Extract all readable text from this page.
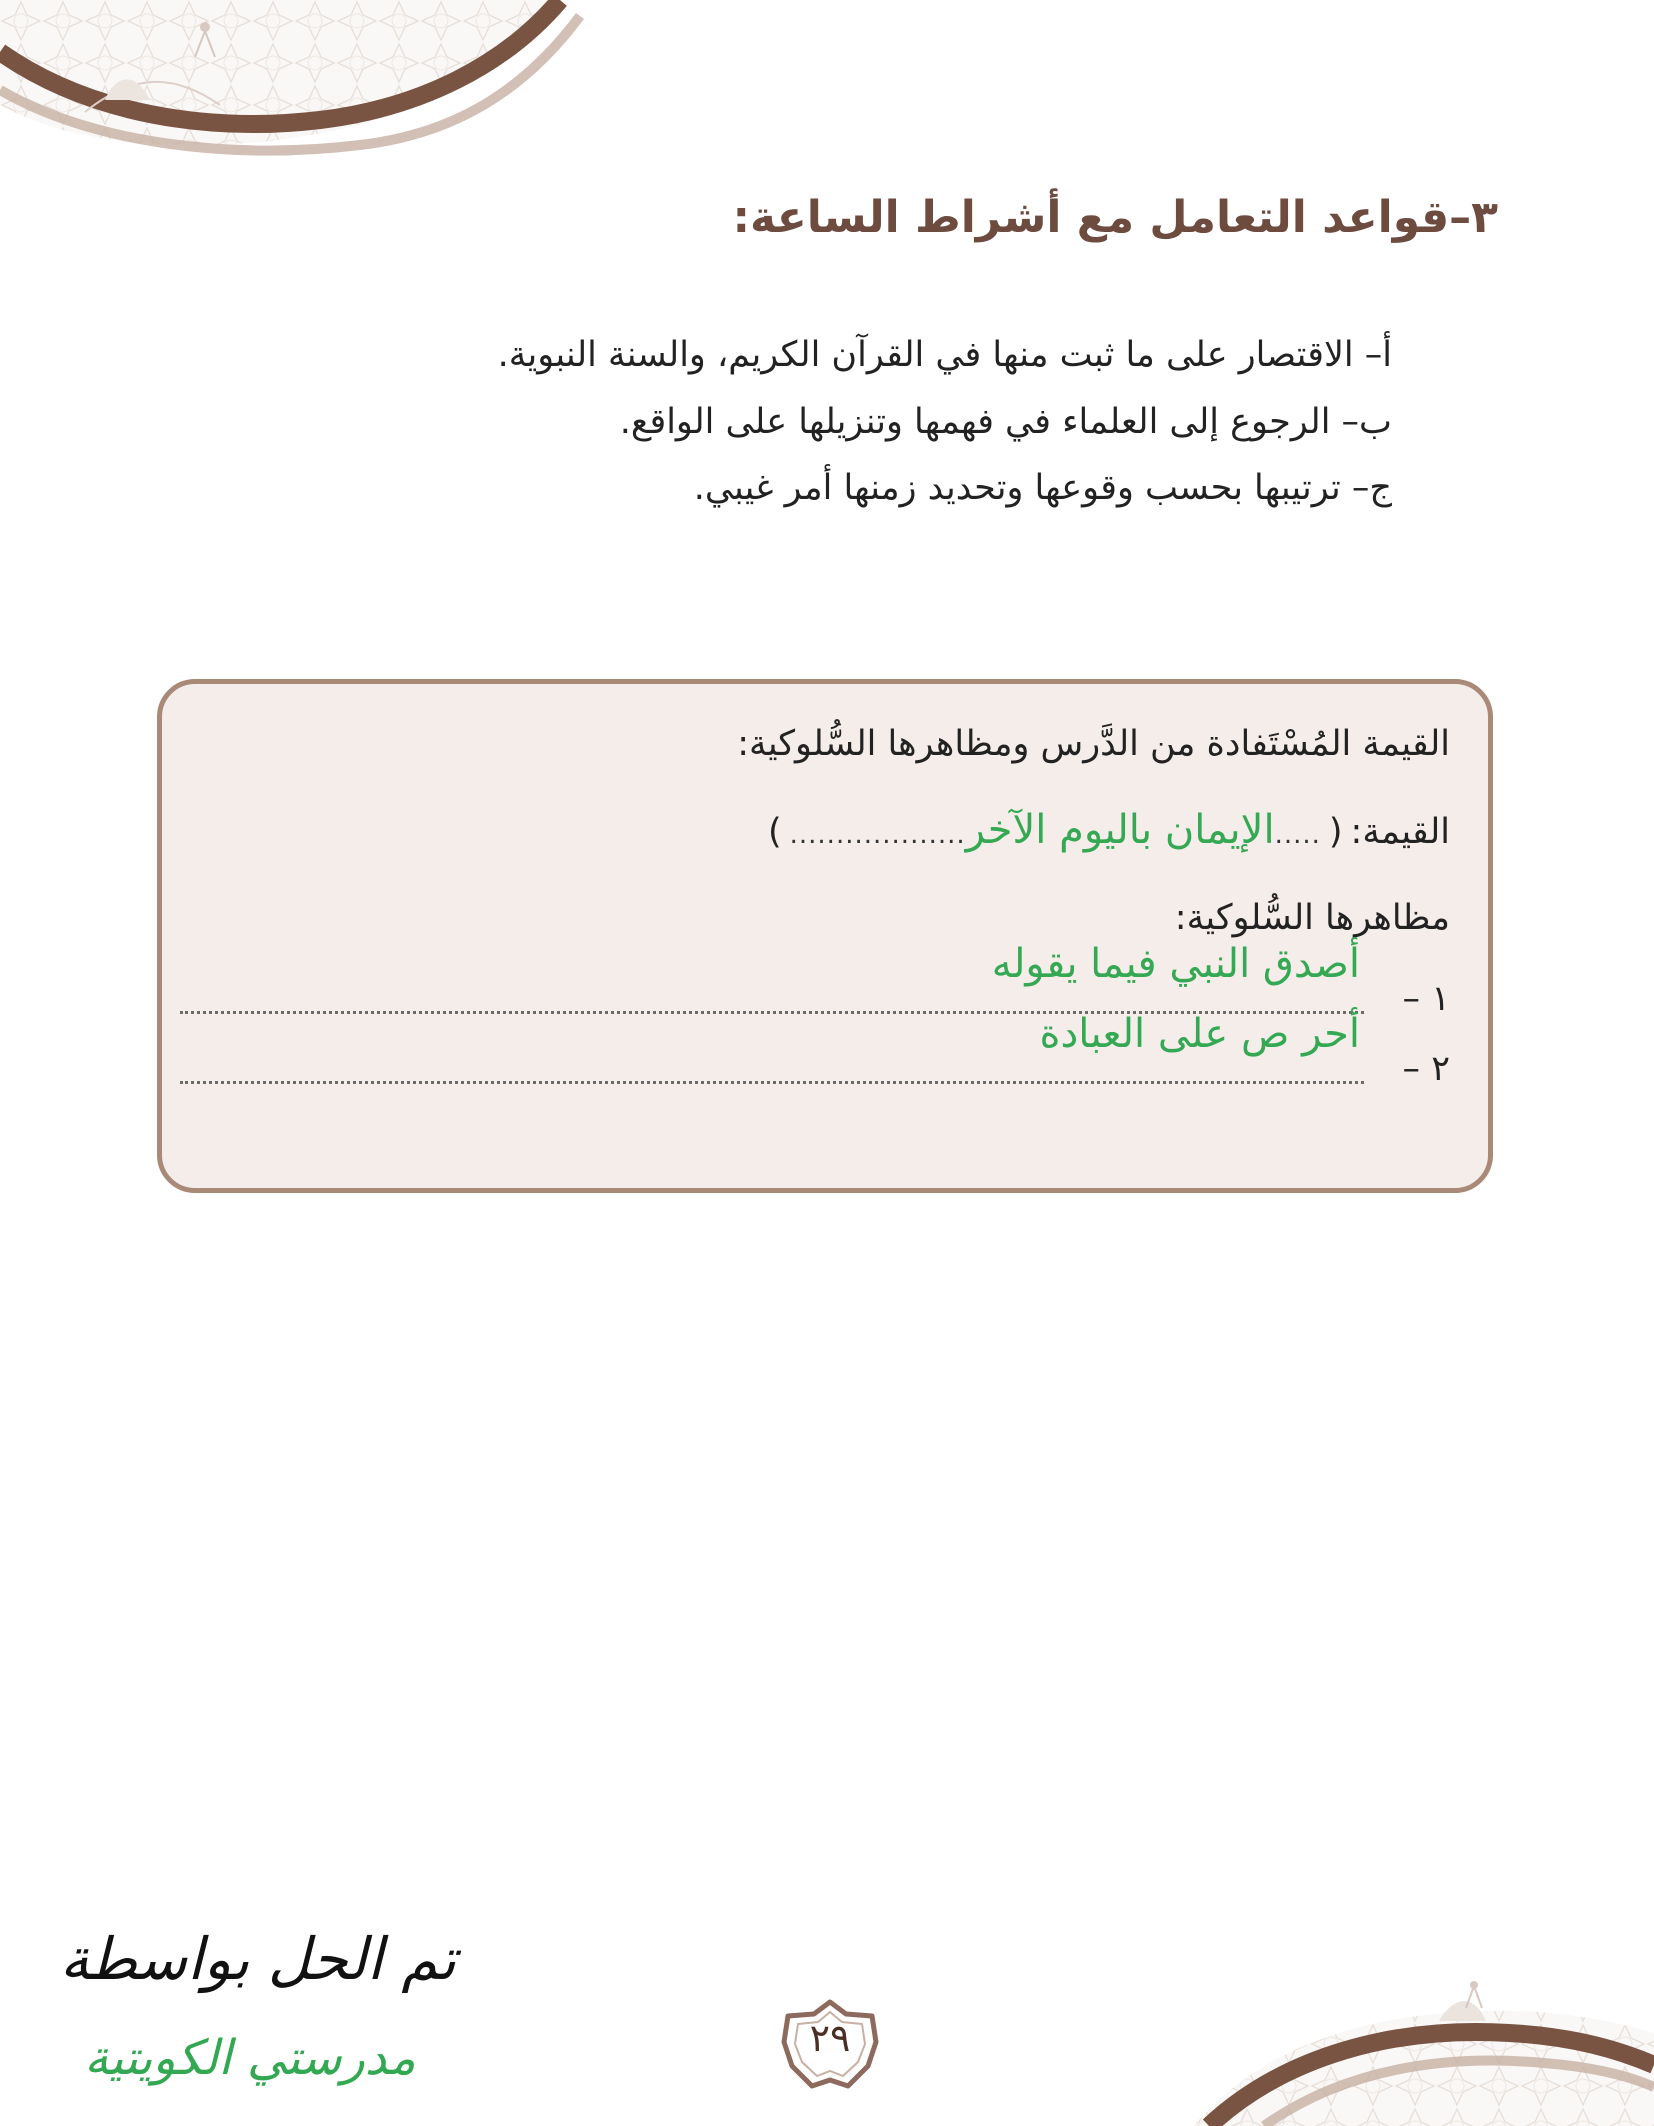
٣–قواعد التعامل مع أشراط الساعة:
أ– الاقتصار على ما ثبت منها في القرآن الكريم، والسنة النبوية.
ب– الرجوع إلى العلماء في فهمها وتنزيلها على الواقع.
ج– ترتيبها بحسب وقوعها وتحديد زمنها أمر غيبي.
القيمة المُسْتَفادة من الدَّرس ومظاهرها السُّلوكية:
القيمة:
(
.....
الإيمان باليوم الآخر
...................
)
مظاهرها السُّلوكية:
١ –
أصدق النبي فيما يقوله
٢ –
أحر ص على العبادة
٢٩
تم الحل بواسطة
مدرستي الكويتية
